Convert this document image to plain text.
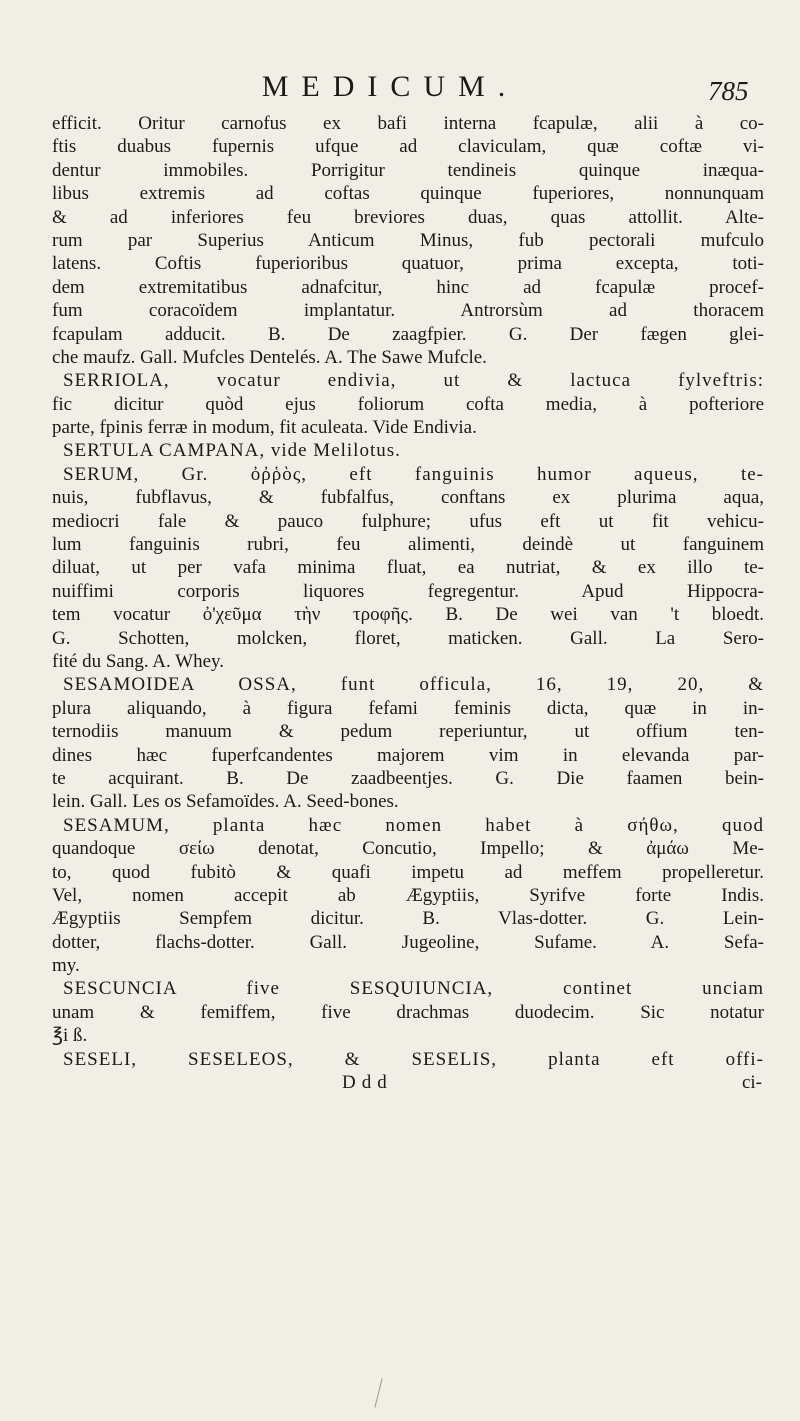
MEDICUM.	785
efficit. Oritur carnofus ex bafi interna fcapulæ, alii à co-
ftis duabus fupernis ufque ad claviculam, quæ coftæ vi-
dentur immobiles. Porrigitur tendineis quinque inæqua-
libus extremis ad coftas quinque fuperiores, nonnunquam
& ad inferiores feu breviores duas, quas attollit. Alte-
rum par Superius Anticum Minus, fub pectorali mufculo
latens. Coftis fuperioribus quatuor, prima excepta, toti-
dem extremitatibus adnafcitur, hinc ad fcapulæ procef-
fum coracoïdem implantatur. Antrorsùm ad thoracem
fcapulam adducit. B. De zaagfpier. G. Der fægen glei-
che maufz. Gall. Mufcles Dentelés. A. The Sawe Mufcle.
SERRIOLA, vocatur endivia, ut & lactuca fylveftris:
fic dicitur quòd ejus foliorum cofta media, à pofteriore
parte, fpinis ferræ in modum, fit aculeata. Vide Endivia.
SERTULA CAMPANA, vide Melilotus.
SERUM, Gr. ὀῤῥὸς, eft fanguinis humor aqueus, te-
nuis, fubflavus, & fubfalfus, conftans ex plurima aqua,
mediocri fale & pauco fulphure; ufus eft ut fit vehicu-
lum fanguinis rubri, feu alimenti, deindè ut fanguinem
diluat, ut per vafa minima fluat, ea nutriat, & ex illo te-
nuiffimi corporis liquores fegregentur. Apud Hippocra-
tem vocatur ὀ'χεῦμα τὴν τροφῆς. B. De wei van 't bloedt.
G. Schotten, molcken, floret, maticken. Gall. La Sero-
fité du Sang. A. Whey.
SESAMOIDEA OSSA, funt officula, 16, 19, 20, &
plura aliquando, à figura fefami feminis dicta, quæ in in-
ternodiis manuum & pedum reperiuntur, ut offium ten-
dines hæc fuperfcandentes majorem vim in elevanda par-
te acquirant. B. De zaadbeentjes. G. Die faamen bein-
lein. Gall. Les os Sefamoïdes. A. Seed-bones.
SESAMUM, planta hæc nomen habet à σήθω, quod
quandoque σείω denotat, Concutio, Impello; & ἀμάω Me-
to, quod fubitò & quafi impetu ad meffem propelleretur.
Vel, nomen accepit ab Ægyptiis, Syrifve forte Indis.
Ægyptiis Sempfem dicitur. B. Vlas-dotter. G. Lein-
dotter, flachs-dotter. Gall. Jugeoline, Sufame. A. Sefa-
my.
SESCUNCIA five SESQUIUNCIA, continet unciam
unam & femiffem, five drachmas duodecim. Sic notatur
℥i ß.
SESELI, SESELEOS, & SESELIS, planta eft offi-
Ddd	ci-
